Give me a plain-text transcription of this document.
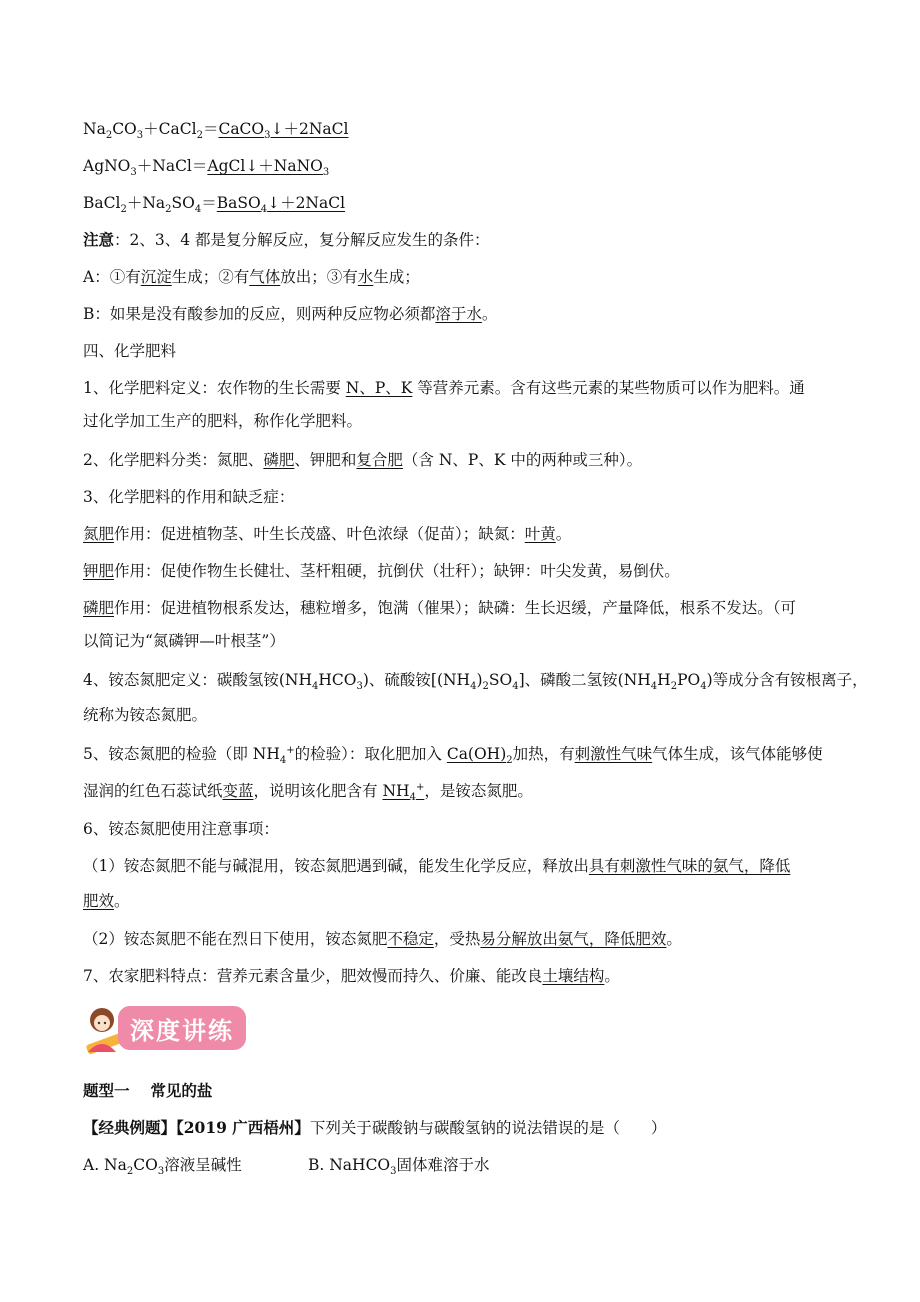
$Na_2CO_3+CaCl_2=CaCO_3↓+2NaCl$
AgNO$_3$＋NaCl＝AgCl↓＋NaNO$_3$
$BaCl_2+Na_2SO_4=BaSO_4↓+2NaCl$
注意：2、3、4 都是复分解反应，复分解反应发生的条件：
A：①有沉淀生成；②有气体放出；③有水生成；
B：如果是没有酸参加的反应，则两种反应物必须都溶于水。
四、化学肥料
1、化学肥料定义：农作物的生长需要 N、P、K 等营养元素。含有这些元素的某些物质可以作为肥料。通
过化学加工生产的肥料，称作化学肥料。
2、化学肥料分类：氮肥、磷肥、钾肥和复合肥（含 N、P、K 中的两种或三种）。
3、化学肥料的作用和缺乏症：
氮肥作用：促进植物茎、叶生长茂盛、叶色浓绿（促苗）；缺氮：叶黄。
钾肥作用：促使作物生长健壮、茎杆粗硬，抗倒伏（壮秆）；缺钾：叶尖发黄，易倒伏。
磷肥作用：促进植物根系发达，穗粒增多，饱满（催果）；缺磷：生长迟缓，产量降低，根系不发达。（可
以简记为“氮磷钾—叶根茎”）
4、铵态氮肥定义：碳酸氢铵$(NH_4HCO_3)$、硫酸铵$[(NH_4)_2SO_4]$、磷酸二氢铵$(NH_4H_2PO_4)$等成分含有铵根离子，
统称为铵态氮肥。
5、铵态氮肥的检验（即 $NH_4^+$的检验）：取化肥加入 $Ca(OH)_2$加热，有刺激性气味气体生成，该气体能够使
湿润的红色石蕊试纸变蓝，说明该化肥含有 $NH_4^+$，是铵态氮肥。
6、铵态氮肥使用注意事项：
（1）铵态氮肥不能与碱混用，铵态氮肥遇到碱，能发生化学反应，释放出具有刺激性气味的氨气，降低
肥效。
（2）铵态氮肥不能在烈日下使用，铵态氮肥不稳定，受热易分解放出氨气，降低肥效。
7、农家肥料特点：营养元素含量少，肥效慢而持久、价廉、能改良土壤结构。
深度讲练
题型一　 常见的盐
【经典例题】【2019 广西梧州】下列关于碳酸钠与碳酸氢钠的说法错误的是（　　）
A. $Na_2CO_3$溶液呈碱性	B. NaHCO$_3$固体难溶于水
